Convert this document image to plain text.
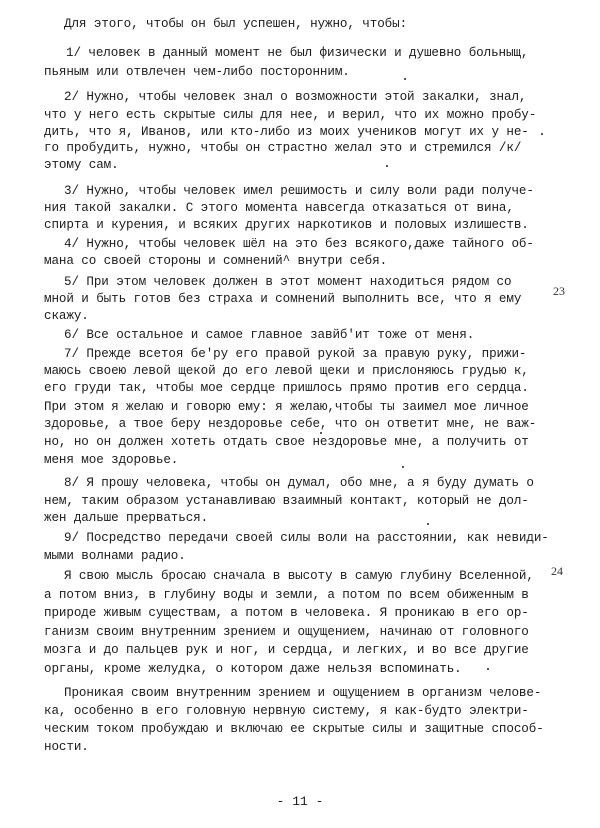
Для этого, чтобы он был успешен, нужно, чтобы:
1/ человек в данный момент не был физически и душевно больныщ,
пьяным или отвлечен чем-либо посторонним.
2/ Нужно, чтобы человек знал о возможности этой закалки, знал,
что у него есть скрытые силы для нее, и верил, что их можно пробу-
дить, что я, Иванов, или кто-либо из моих учеников могут их у не-
го пробудить, нужно, чтобы он страстно желал это и стремился /к/
этому сам.
3/ Нужно, чтобы человек имел решимость и силу воли ради получе-
ния такой закалки. С этого момента навсегда отказаться от вина,
спирта и курения, и всяких других наркотиков и половых излишеств.
4/ Нужно, чтобы человек шёл на это без всякого,даже тайного об-
мана со своей стороны и сомнений^ внутри себя.
5/ При этом человек должен в этот момент находиться рядом со
мной и быть готов без страха и сомнений выполнить все, что я ему
скажу.
6/ Все остальное и самое главное завйб'ит тоже от меня.
7/ Прежде всетоя бе'ру его правой рукой за правую руку, прижи-
маюсь своею левой щекой до его левой щеки и прислоняюсь грудью к,
его груди так, чтобы мое сердце пришлось прямо против его сердца.
При этом я желаю и говорю ему: я желаю,чтобы ты заимел мое личное
здоровье, а твое беру нездоровье себе, что он ответит мне, не важ-
но, но он должен хотеть отдать свое нездоровье мне, а получить от
меня мое здоровье.
8/ Я прошу человека, чтобы он думал, обо мне, а я буду думать о
нем, таким образом устанавливаю взаимный контакт, который не дол-
жен дальше прерваться.
9/ Посредство передачи своей силы воли на расстоянии, как невиди-
мыми волнами радио.
Я свою мысль бросаю сначала в высоту в самую глубину Вселенной,
а потом вниз, в глубину воды и земли, а потом по всем обиженным в
природе живым существам, а потом в человека. Я проникаю в его ор-
ганизм своим внутренним зрением и ощущением, начинаю от головного
мозга и до пальцев рук и ног, и сердца, и легких, и во все другие
органы, кроме желудка, о котором даже нельзя вспоминать.
Проникая своим внутренним зрением и ощущением в организм челове-
ка, особенно в его головную нервную систему, я как-будто электри-
ческим током пробуждаю и включаю ее скрытые силы и защитные способ-
ности.
23
24
- 11 -
